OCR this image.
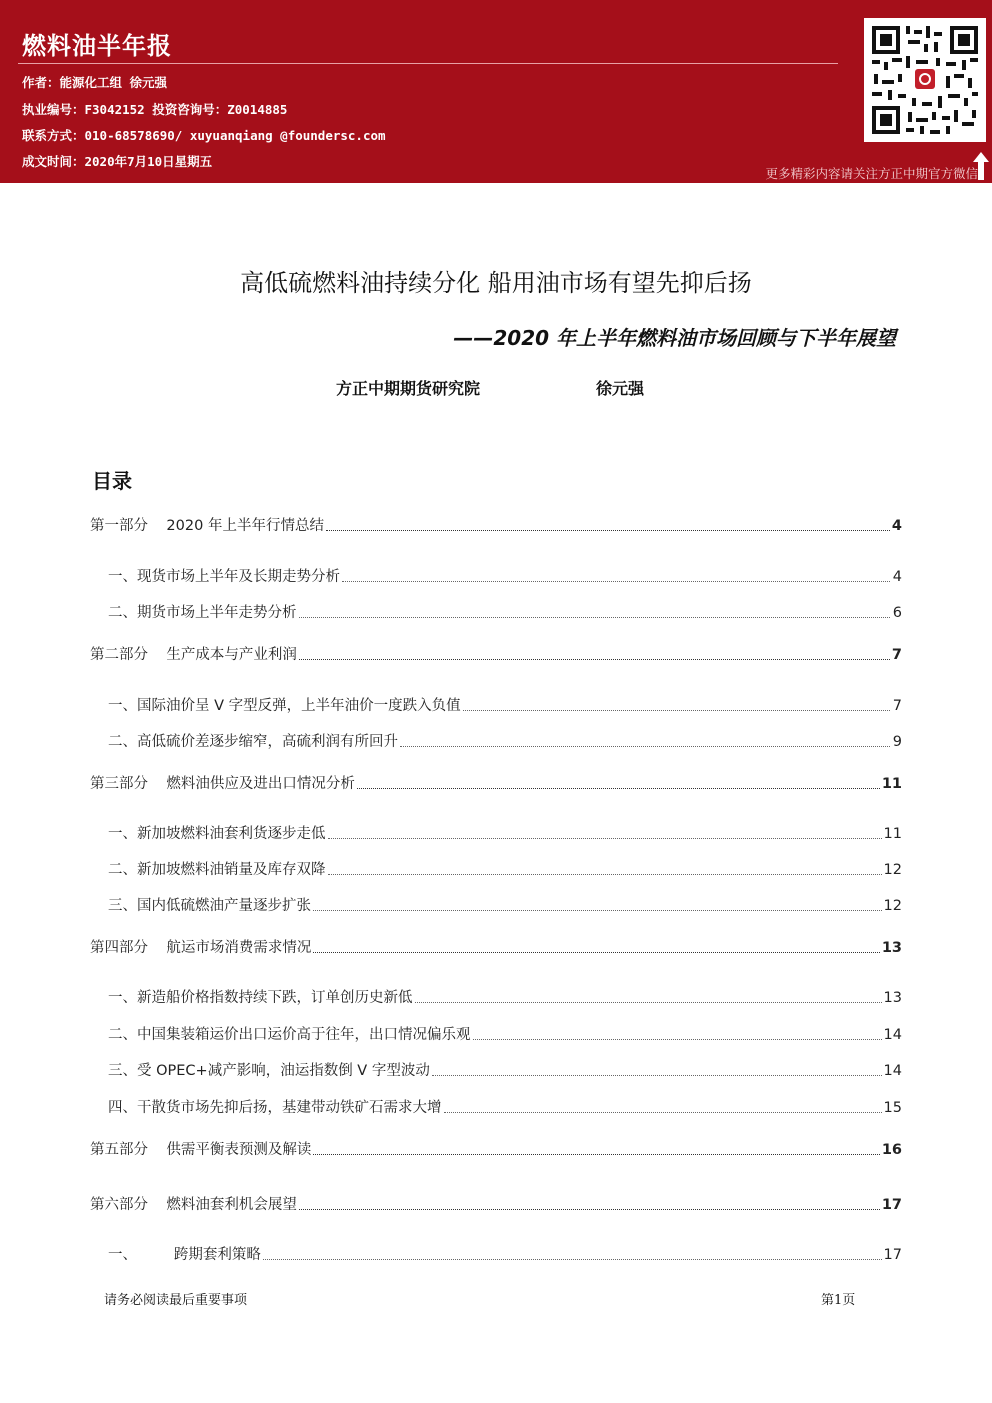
燃料油半年报
作者：能源化工组 徐元强
执业编号：F3042152 投资咨询号：Z0014885
联系方式：010-68578690/ xuyuanqiang @foundersc.com
成文时间：2020年7月10日星期五
更多精彩内容请关注方正中期官方微信
高低硫燃料油持续分化 船用油市场有望先抑后扬
——2020 年上半年燃料油市场回顾与下半年展望
方正中期期货研究院	徐元强
目录
第一部分    2020 年上半年行情总结	4
一、现货市场上半年及长期走势分析	4
二、期货市场上半年走势分析	6
第二部分    生产成本与产业利润	7
一、国际油价呈 V 字型反弹，上半年油价一度跌入负值	7
二、高低硫价差逐步缩窄，高硫利润有所回升	9
第三部分    燃料油供应及进出口情况分析	11
一、新加坡燃料油套利货逐步走低	11
二、新加坡燃料油销量及库存双降	12
三、国内低硫燃油产量逐步扩张	12
第四部分    航运市场消费需求情况	13
一、新造船价格指数持续下跌，订单创历史新低	13
二、中国集装箱运价出口运价高于往年，出口情况偏乐观	14
三、受 OPEC+减产影响，油运指数倒 V 字型波动	14
四、干散货市场先抑后扬，基建带动铁矿石需求大增	15
第五部分    供需平衡表预测及解读	16
第六部分    燃料油套利机会展望	17
一、        跨期套利策略	17
请务必阅读最后重要事项	第1页
